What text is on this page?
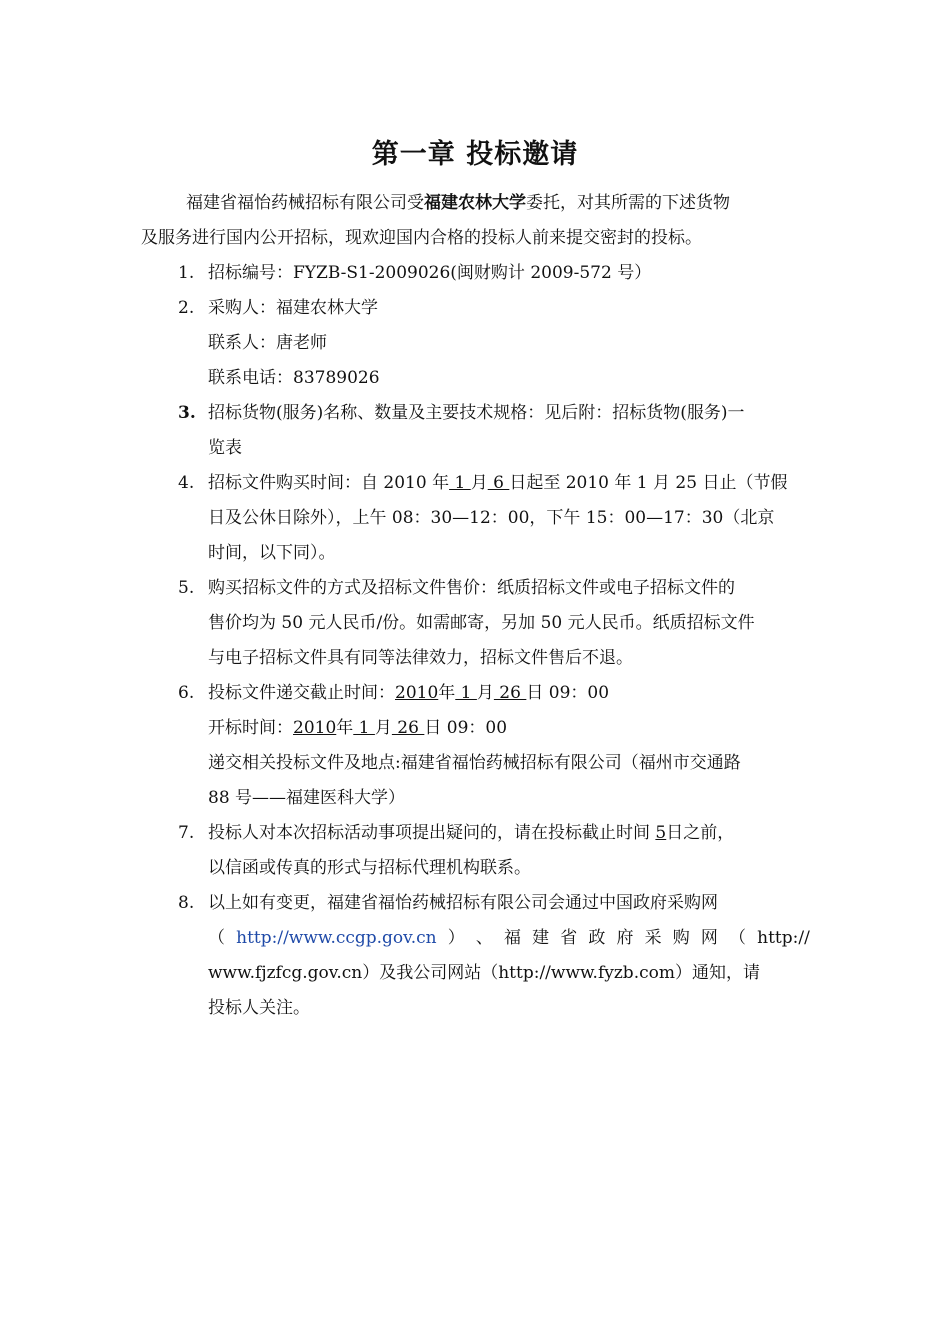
第一章 投标邀请
福建省福怡药械招标有限公司受福建农林大学委托，对其所需的下述货物
及服务进行国内公开招标，现欢迎国内合格的投标人前来提交密封的投标。
1. 招标编号：FYZB-S1-2009026(闽财购计 2009-572 号）
2. 采购人：福建农林大学
联系人：唐老师
联系电话：83789026
3. 招标货物(服务)名称、数量及主要技术规格：见后附：招标货物(服务)一
览表
4. 招标文件购买时间：自 2010 年 1 月 6 日起至 2010 年 1 月 25 日止（节假
日及公休日除外），上午 08：30—12：00，下午 15：00—17：30（北京
时间，以下同）。
5. 购买招标文件的方式及招标文件售价：纸质招标文件或电子招标文件的
售价均为 50 元人民币/份。如需邮寄，另加 50 元人民币。纸质招标文件
与电子招标文件具有同等法律效力，招标文件售后不退。
6. 投标文件递交截止时间：2010年 1 月 26 日 09：00
开标时间：2010年 1 月 26 日 09：00
递交相关投标文件及地点:福建省福怡药械招标有限公司（福州市交通路
88 号——福建医科大学）
7. 投标人对本次招标活动事项提出疑问的，请在投标截止时间 5日之前，
以信函或传真的形式与招标代理机构联系。
8. 以上如有变更，福建省福怡药械招标有限公司会通过中国政府采购网
（ http://www.ccgp.gov.cn ） 、 福 建 省 政 府 采 购 网 （ http://
www.fjzfcg.gov.cn）及我公司网站（http://www.fyzb.com）通知，请
投标人关注。
